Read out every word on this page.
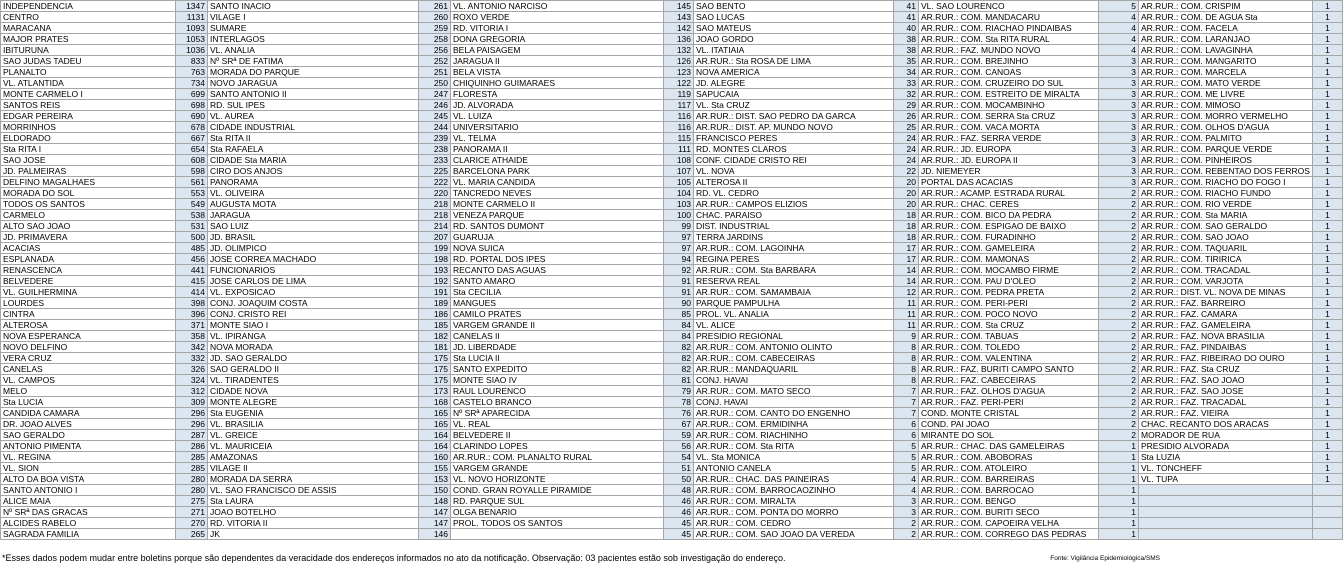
INDEPENDENCIA	1347	SANTO INACIO	261	VL. ANTONIO NARCISO	145	SAO BENTO	41	VL. SAO LOURENCO	5	AR.RUR.: COM. CRISPIM	1
CENTRO	1131	VILAGE I	260	ROXO VERDE	143	SAO LUCAS	41	AR.RUR.: COM. MANDACARU	4	AR.RUR.: COM. DE AGUA Sta	1
MARACANA	1093	SUMARE	259	RD. VITORIA I	142	SAO MATEUS	40	AR.RUR.: COM. RIACHAO PINDAIBAS	4	AR.RUR.: COM. FACELA	1
MAJOR PRATES	1053	INTERLAGOS	258	DONA GREGORIA	136	JOAO GORDO	38	AR.RUR.: COM. Sta RITA RURAL	4	AR.RUR.: COM. LARANJAO	1
IBITURUNA	1036	VL. ANALIA	256	BELA PAISAGEM	132	VL. ITATIAIA	38	AR.RUR.: FAZ. MUNDO NOVO	4	AR.RUR.: COM. LAVAGINHA	1
SAO JUDAS TADEU	833	Nº SRª DE FATIMA	252	JARAGUA II	126	AR.RUR.: Sta ROSA DE LIMA	35	AR.RUR.: COM. BREJINHO	3	AR.RUR.: COM. MANGARITO	1
PLANALTO	763	MORADA DO PARQUE	251	BELA VISTA	123	NOVA AMERICA	34	AR.RUR.: COM. CANOAS	3	AR.RUR.: COM. MARCELA	1
VL. ATLANTIDA	734	NOVO JARAGUA	250	CHIQUINHO GUIMARAES	122	JD. ALEGRE	33	AR.RUR.: COM. CRUZEIRO DO SUL	3	AR.RUR.: COM. MATO VERDE	1
MONTE CARMELO I	699	SANTO ANTONIO II	247	FLORESTA	119	SAPUCAIA	32	AR.RUR.: COM. ESTREITO DE MIRALTA	3	AR.RUR.: COM. ME LIVRE	1
SANTOS REIS	698	RD. SUL IPES	246	JD. ALVORADA	117	VL. Sta CRUZ	29	AR.RUR.: COM. MOCAMBINHO	3	AR.RUR.: COM. MIMOSO	1
EDGAR PEREIRA	690	VL. AUREA	245	VL. LUIZA	116	AR.RUR.: DIST. SAO PEDRO DA GARCA	26	AR.RUR.: COM. SERRA Sta CRUZ	3	AR.RUR.: COM. MORRO VERMELHO	1
MORRINHOS	678	CIDADE INDUSTRIAL	244	UNIVERSITARIO	116	AR.RUR.: DIST. AP. MUNDO NOVO	25	AR.RUR.: COM. VACA MORTA	3	AR.RUR.: COM. OLHOS D'AGUA	1
ELDORADO	667	Sta RITA II	239	VL. TELMA	115	FRANCISCO PERES	24	AR.RUR.: FAZ. SERRA VERDE	3	AR.RUR.: COM. PALMITO	1
Sta RITA I	654	Sta RAFAELA	238	PANORAMA II	111	RD. MONTES CLAROS	24	AR.RUR.: JD. EUROPA	3	AR.RUR.: COM. PARQUE VERDE	1
SAO JOSE	608	CIDADE Sta MARIA	233	CLARICE ATHAIDE	108	CONF. CIDADE CRISTO REI	24	AR.RUR.: JD. EUROPA II	3	AR.RUR.: COM. PINHEIROS	1
JD. PALMEIRAS	598	CIRO DOS ANJOS	225	BARCELONA PARK	107	VL. NOVA	22	JD. NIEMEYER	3	AR.RUR.: COM. REBENTAO DOS FERROS	1
DELFINO MAGALHAES	561	PANORAMA	222	VL. MARIA CANDIDA	105	ALTEROSA II	20	PORTAL DAS ACACIAS	3	AR.RUR.: COM. RIACHO DO FOGO I	1
MORADA DO SOL	553	VL. OLIVEIRA	220	TANCREDO NEVES	104	RD. VL. CEDRO	20	AR.RUR.: ACAMP. ESTRADA RURAL	2	AR.RUR.: COM. RIACHO FUNDO	1
TODOS OS SANTOS	549	AUGUSTA MOTA	218	MONTE CARMELO II	103	AR.RUR.: CAMPOS ELIZIOS	20	AR.RUR.: CHAC. CERES	2	AR.RUR.: COM. RIO VERDE	1
CARMELO	538	JARAGUA	218	VENEZA PARQUE	100	CHAC. PARAISO	18	AR.RUR.: COM. BICO DA PEDRA	2	AR.RUR.: COM. Sta MARIA	1
ALTO SAO JOAO	531	SAO LUIZ	214	RD. SANTOS DUMONT	99	DIST. INDUSTRIAL	18	AR.RUR.: COM. ESPIGAO DE BAIXO	2	AR.RUR.: COM. SAO GERALDO	1
JD. PRIMAVERA	500	JD. BRASIL	207	GUARUJA	97	TERRA JARDINS	18	AR.RUR.: COM. FURADINHO	2	AR.RUR.: COM. SAO JOAO	1
ACACIAS	485	JD. OLIMPICO	199	NOVA SUICA	97	AR.RUR.: COM. LAGOINHA	17	AR.RUR.: COM. GAMELEIRA	2	AR.RUR.: COM. TAQUARIL	1
ESPLANADA	456	JOSE CORREA MACHADO	198	RD. PORTAL DOS IPES	94	REGINA PERES	17	AR.RUR.: COM. MAMONAS	2	AR.RUR.: COM. TIRIRICA	1
RENASCENCA	441	FUNCIONARIOS	193	RECANTO DAS AGUAS	92	AR.RUR.: COM. Sta BARBARA	14	AR.RUR.: COM. MOCAMBO FIRME	2	AR.RUR.: COM. TRACADAL	1
BELVEDERE	415	JOSE CARLOS DE LIMA	192	SANTO AMARO	91	RESERVA REAL	14	AR.RUR.: COM. PAU D'OLEO	2	AR.RUR.: COM. VARJOTA	1
VL. GUILHERMINA	414	VL. EXPOSICAO	191	Sta CECILIA	91	AR.RUR.: COM. SAMAMBAIA	12	AR.RUR.: COM. PEDRA PRETA	2	AR.RUR.: DIST. VL. NOVA DE MINAS	1
LOURDES	398	CONJ. JOAQUIM COSTA	189	MANGUES	90	PARQUE PAMPULHA	11	AR.RUR.: COM. PERI-PERI	2	AR.RUR.: FAZ. BARREIRO	1
CINTRA	396	CONJ. CRISTO REI	186	CAMILO PRATES	85	PROL. VL. ANALIA	11	AR.RUR.: COM. POCO NOVO	2	AR.RUR.: FAZ. CAMARA	1
ALTEROSA	371	MONTE SIAO I	185	VARGEM GRANDE II	84	VL. ALICE	11	AR.RUR.: COM. Sta CRUZ	2	AR.RUR.: FAZ. GAMELEIRA	1
NOVA ESPERANCA	358	VL. IPIRANGA	182	CANELAS II	84	PRESIDIO REGIONAL	9	AR.RUR.: COM. TABUAS	2	AR.RUR.: FAZ. NOVA BRASILIA	1
NOVO DELFINO	342	NOVA MORADA	181	JD. LIBERDADE	82	AR.RUR.: COM. ANTONIO OLINTO	8	AR.RUR.: COM. TOLEDO	2	AR.RUR.: FAZ. PINDAIBAS	1
VERA CRUZ	332	JD. SAO GERALDO	175	Sta LUCIA II	82	AR.RUR.: COM. CABECEIRAS	8	AR.RUR.: COM. VALENTINA	2	AR.RUR.: FAZ. RIBEIRAO DO OURO	1
CANELAS	326	SAO GERALDO II	175	SANTO EXPEDITO	82	AR.RUR.: MANDAQUARIL	8	AR.RUR.: FAZ. BURITI CAMPO SANTO	2	AR.RUR.: FAZ. Sta CRUZ	1
VL. CAMPOS	324	VL. TIRADENTES	175	MONTE SIAO IV	81	CONJ. HAVAI	8	AR.RUR.: FAZ. CABECEIRAS	2	AR.RUR.: FAZ. SAO JOAO	1
MELO	312	CIDADE NOVA	173	RAUL LOURENCO	79	AR.RUR.: COM. MATO SECO	7	AR.RUR.: FAZ. OLHOS D'AGUA	2	AR.RUR.: FAZ. SAO JOSE	1
Sta LUCIA	309	MONTE ALEGRE	168	CASTELO BRANCO	78	CONJ. HAVAI	7	AR.RUR.: FAZ. PERI-PERI	2	AR.RUR.: FAZ. TRACADAL	1
CANDIDA CAMARA	296	Sta EUGENIA	165	Nº SRª APARECIDA	76	AR.RUR.: COM. CANTO DO ENGENHO	7	COND. MONTE CRISTAL	2	AR.RUR.: FAZ. VIEIRA	1
DR. JOAO ALVES	296	VL. BRASILIA	165	VL. REAL	67	AR.RUR.: COM. ERMIDINHA	6	COND. PAI JOAO	2	CHAC. RECANTO DOS ARACAS	1
SAO GERALDO	287	VL. GREICE	164	BELVEDERE II	59	AR.RUR.: COM. RIACHINHO	6	MIRANTE DO SOL	2	MORADOR DE RUA	1
ANTONIO PIMENTA	286	VL. MAURICEIA	164	CLARINDO LOPES	56	AR.RUR.: COM. Sta RITA	5	AR.RUR.: CHAC. DAS GAMELEIRAS	1	PRESIDIO ALVORADA	1
VL. REGINA	285	AMAZONAS	160	AR.RUR.: COM. PLANALTO RURAL	54	VL. Sta MONICA	5	AR.RUR.: COM. ABOBORAS	1	Sta LUZIA	1
VL. SION	285	VILAGE II	155	VARGEM GRANDE	51	ANTONIO CANELA	5	AR.RUR.: COM. ATOLEIRO	1	VL. TONCHEFF	1
ALTO DA BOA VISTA	280	MORADA DA SERRA	153	VL. NOVO HORIZONTE	50	AR.RUR.: CHAC. DAS PAINEIRAS	4	AR.RUR.: COM. BARREIRAS	1	VL. TUPA	1
SANTO ANTONIO I	280	VL. SAO FRANCISCO DE ASSIS	150	COND. GRAN ROYALLE PIRAMIDE	48	AR.RUR.: COM. BARROCAOZINHO	4	AR.RUR.: COM. BARROCAO	1		
ALICE MAIA	275	Sta LAURA	148	RD. PARQUE SUL	46	AR.RUR.: COM. MIRALTA	3	AR.RUR.: COM. BENGO	1		
Nº SRª DAS GRACAS	271	JOAO BOTELHO	147	OLGA BENARIO	46	AR.RUR.: COM. PONTA DO MORRO	3	AR.RUR.: COM. BURITI SECO	1		
ALCIDES RABELO	270	RD. VITORIA II	147	PROL. TODOS OS SANTOS	45	AR.RUR.: COM. CEDRO	2	AR.RUR.: COM. CAPOEIRA VELHA	1		
SAGRADA FAMILIA	265	JK	146		45	AR.RUR.: COM. SAO JOAO DA VEREDA	2	AR.RUR.: COM. CORREGO DAS PEDRAS	1		
*Esses dados podem mudar entre boletins porque são dependentes da veracidade dos endereços informados no ato da notificação. Observação: 03 pacientes estão sob investigação do endereço.	Fonte: Vigilância Epidemiológica/SMS
